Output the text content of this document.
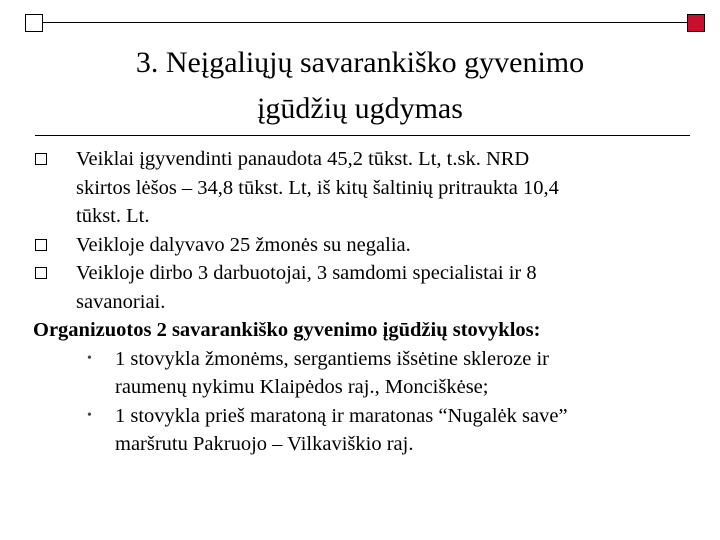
3. Neįgaliųjų savarankiško gyvenimo
įgūdžių ugdymas
Veiklai įgyvendinti panaudota 45,2 tūkst. Lt, t.sk. NRD
skirtos lėšos – 34,8 tūkst. Lt, iš kitų šaltinių pritraukta 10,4
tūkst. Lt.
Veikloje dalyvavo 25 žmonės su negalia.
Veikloje dirbo 3 darbuotojai, 3 samdomi specialistai ir 8
savanoriai.
Organizuotos 2 savarankiško gyvenimo įgūdžių stovyklos:
• 1 stovykla žmonėms, sergantiems išsėtine skleroze ir
raumenų nykimu Klaipėdos raj., Monciškėse;
• 1 stovykla prieš maratoną ir maratonas “Nugalėk save”
maršrutu Pakruojo – Vilkaviškio raj.
